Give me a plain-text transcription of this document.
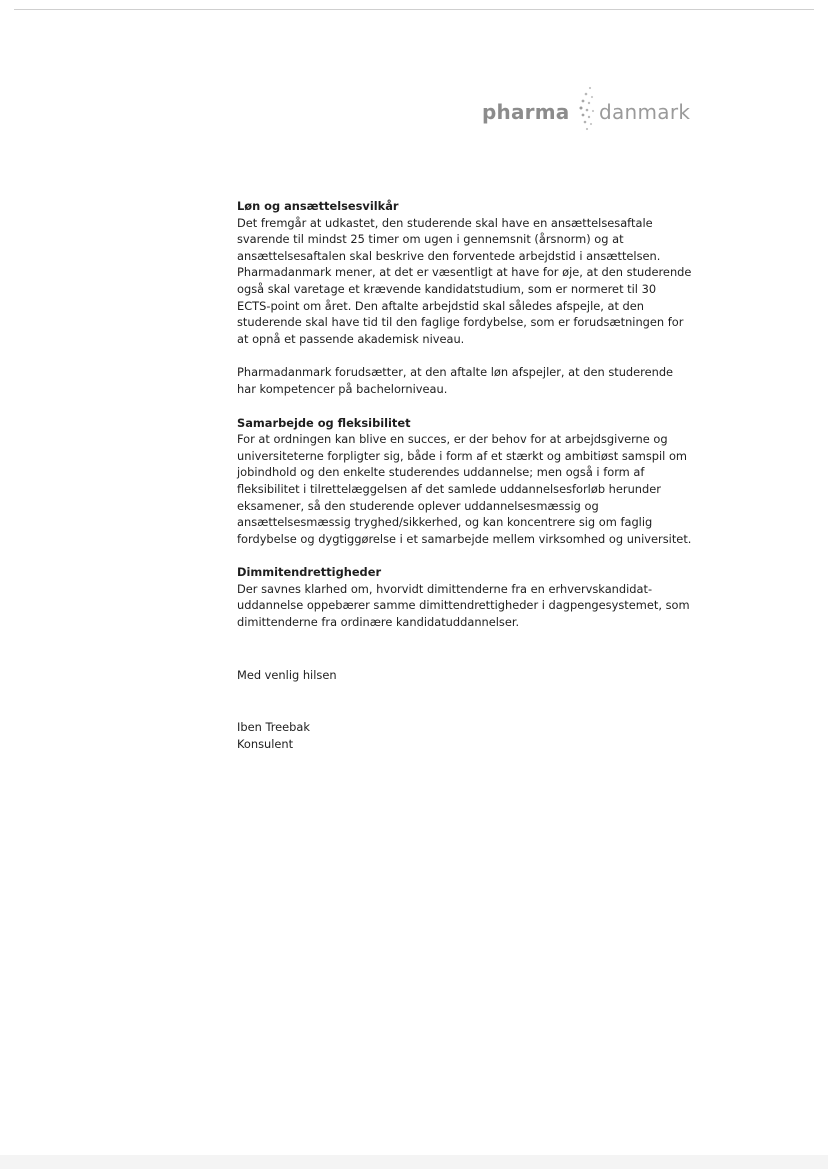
pharma danmark

Løn og ansættelsesvilkår

Det fremgår at udkastet, den studerende skal have en ansættelsesaftale
svarende til mindst 25 timer om ugen i gennemsnit (årsnorm) og at
ansættelsesaftalen skal beskrive den forventede arbejdstid i ansættelsen.
Pharmadanmark mener, at det er væsentligt at have for øje, at den studerende
også skal varetage et krævende kandidatstudium, som er normeret til 30
ECTS-point om året. Den aftalte arbejdstid skal således afspejle, at den
studerende skal have tid til den faglige fordybelse, som er forudsætningen for
at opnå et passende akademisk niveau.

Pharmadanmark forudsætter, at den aftalte løn afspejler, at den studerende
har kompetencer på bachelorniveau.

Samarbejde og fleksibilitet

For at ordningen kan blive en succes, er der behov for at arbejdsgiverne og
universiteterne forpligter sig, både i form af et stærkt og ambitiøst samspil om
jobindhold og den enkelte studerendes uddannelse; men også i form af
fleksibilitet i tilrettelæggelsen af det samlede uddannelsesforløb herunder
eksamener, så den studerende oplever uddannelsesmæssig og
ansættelsesmæssig tryghed/sikkerhed, og kan koncentrere sig om faglig
fordybelse og dygtiggørelse i et samarbejde mellem virksomhed og universitet.

Dimmitendrettigheder

Der savnes klarhed om, hvorvidt dimittenderne fra en erhvervskandidat-
uddannelse oppebærer samme dimittendrettigheder i dagpengesystemet, som
dimittenderne fra ordinære kandidatuddannelser.

Med venlig hilsen

Iben Treebak

Konsulent
